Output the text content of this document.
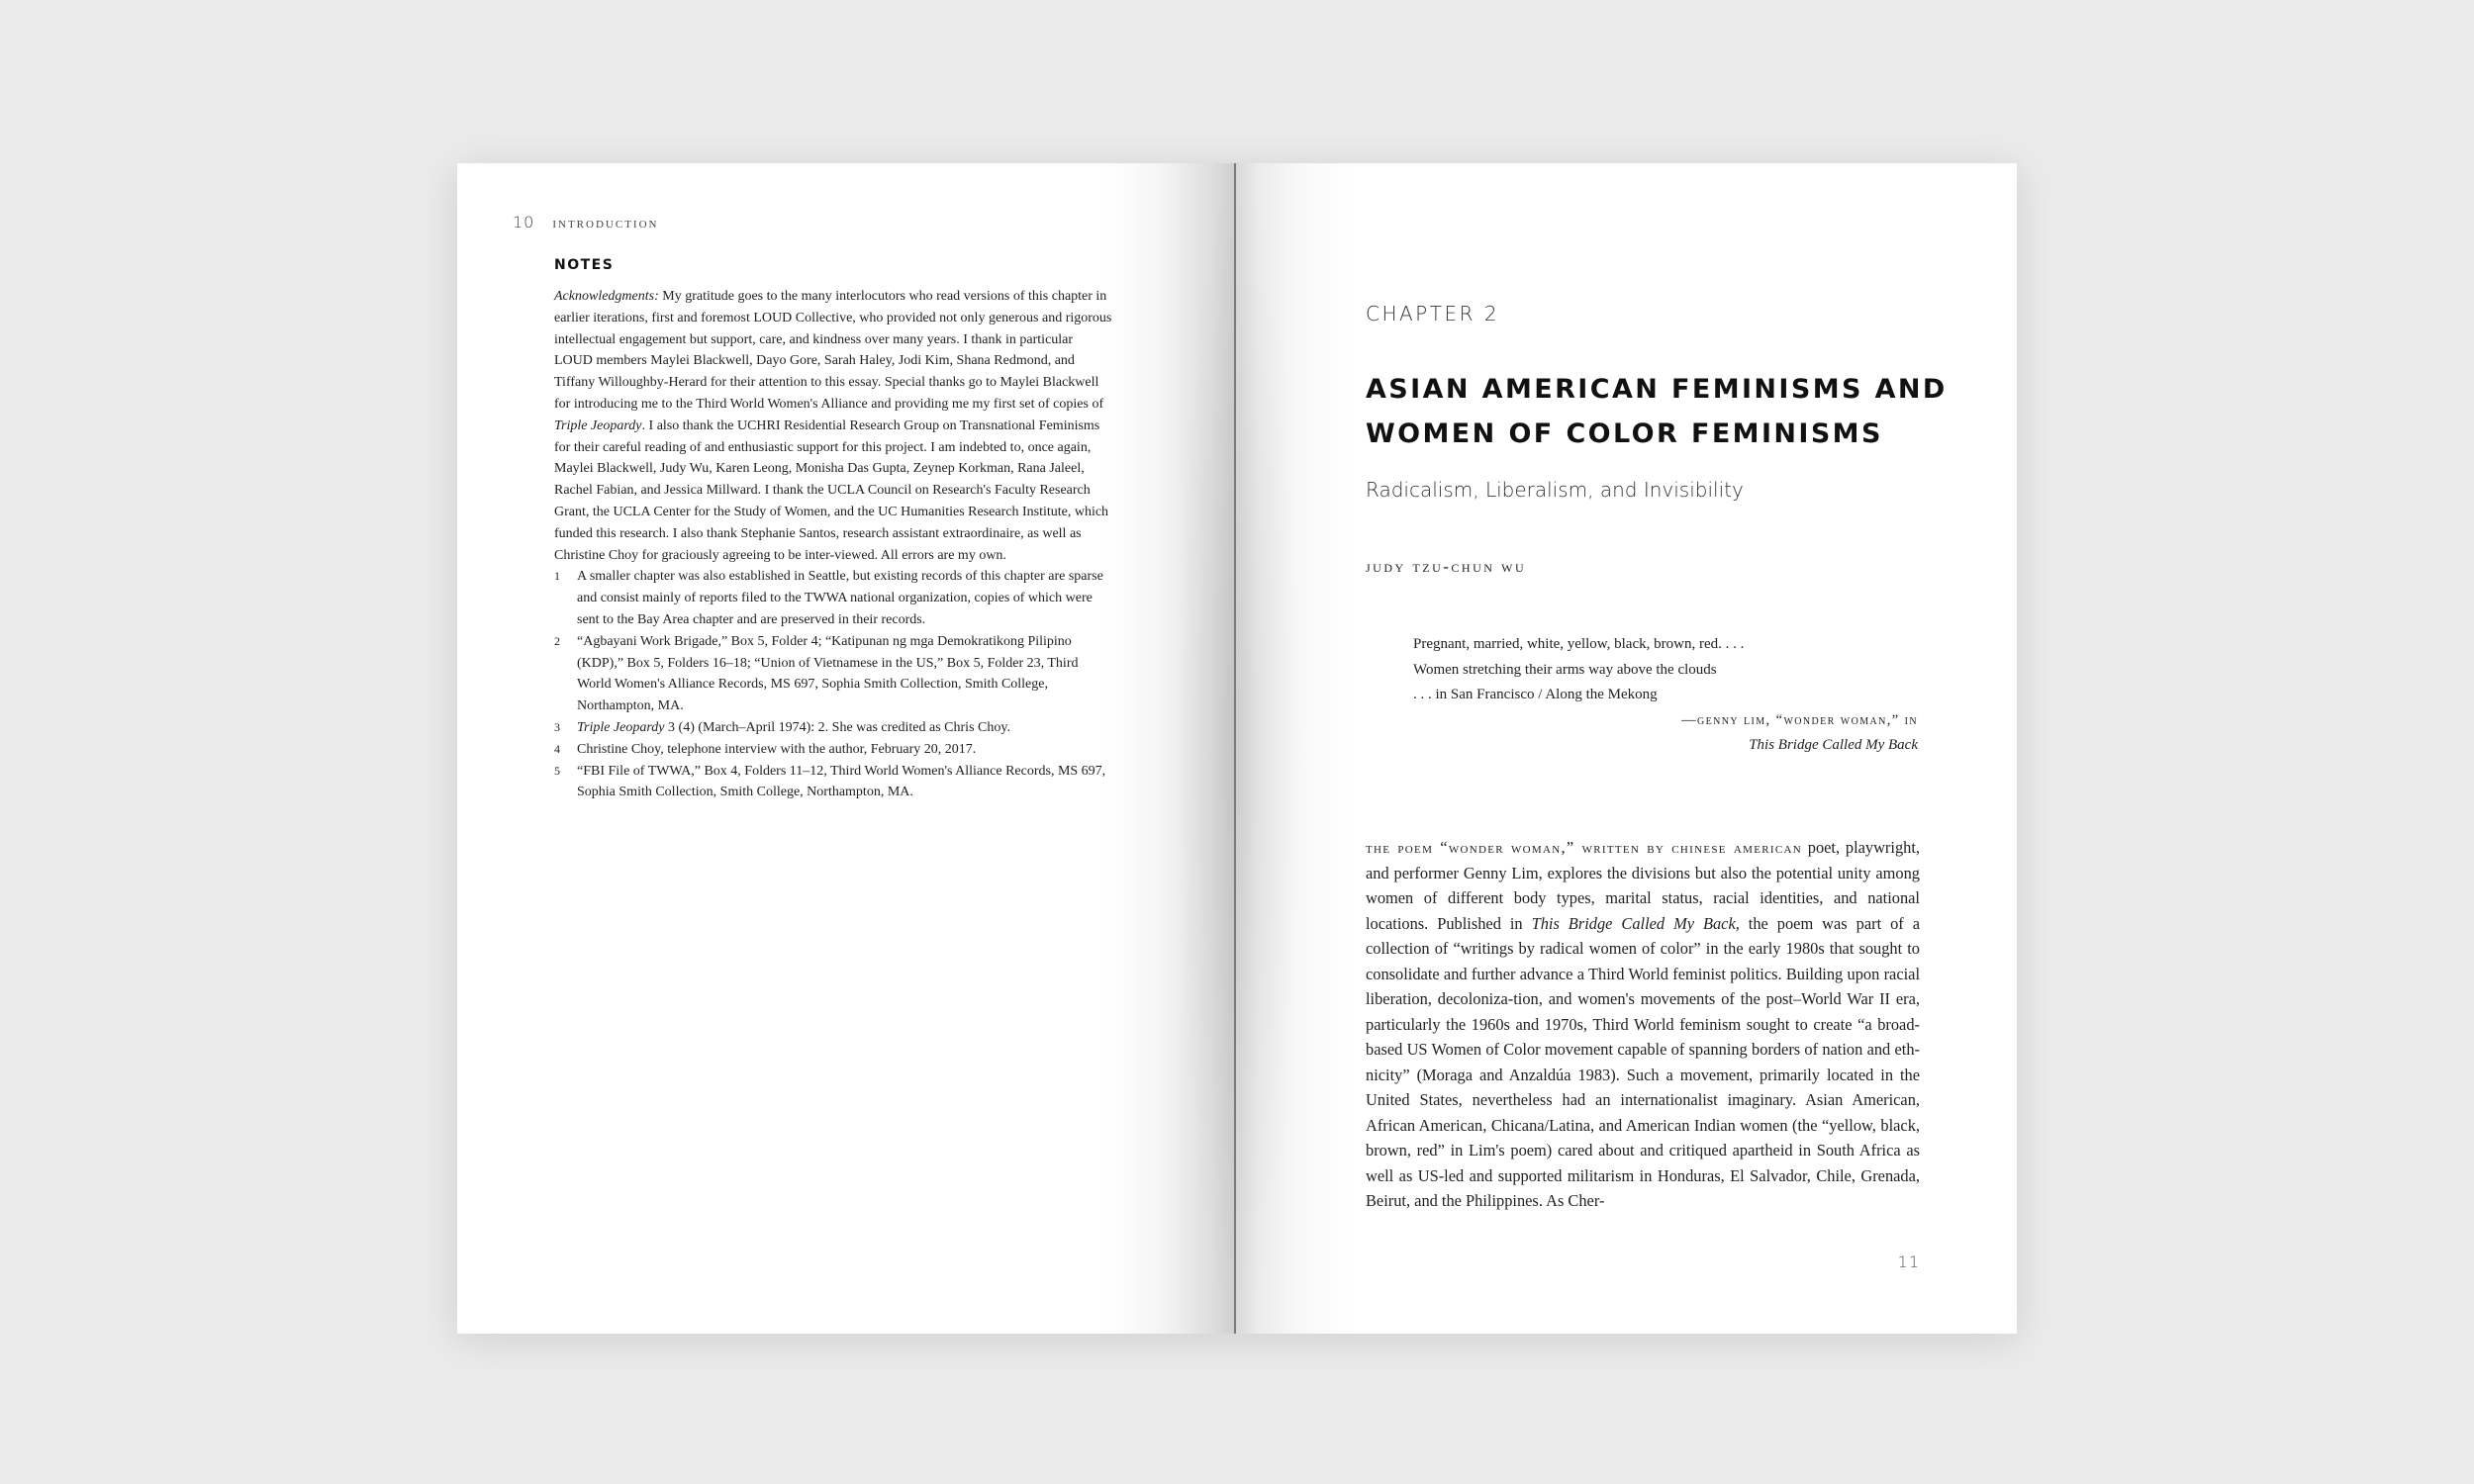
10 introduction
NOTES
Acknowledgments: My gratitude goes to the many interlocutors who read versions of this chapter in earlier iterations, first and foremost LOUD Collective, who provided not only generous and rigorous intellectual engagement but support, care, and kindness over many years. I thank in particular LOUD members Maylei Blackwell, Dayo Gore, Sarah Haley, Jodi Kim, Shana Redmond, and Tiffany Willoughby-Herard for their attention to this essay. Special thanks go to Maylei Blackwell for introducing me to the Third World Women's Alliance and providing me my first set of copies of Triple Jeopardy. I also thank the UCHRI Residential Research Group on Transnational Feminisms for their careful reading of and enthusiastic support for this project. I am indebted to, once again, Maylei Blackwell, Judy Wu, Karen Leong, Monisha Das Gupta, Zeynep Korkman, Rana Jaleel, Rachel Fabian, and Jessica Millward. I thank the UCLA Council on Research's Faculty Research Grant, the UCLA Center for the Study of Women, and the UC Humanities Research Institute, which funded this research. I also thank Stephanie Santos, research assistant extraordinaire, as well as Christine Choy for graciously agreeing to be inter-viewed. All errors are my own.
1 A smaller chapter was also established in Seattle, but existing records of this chapter are sparse and consist mainly of reports filed to the TWWA national organization, copies of which were sent to the Bay Area chapter and are preserved in their records.
2 “Agbayani Work Brigade,” Box 5, Folder 4; “Katipunan ng mga Demokratikong Pilipino (KDP),” Box 5, Folders 16–18; “Union of Vietnamese in the US,” Box 5, Folder 23, Third World Women's Alliance Records, MS 697, Sophia Smith Collection, Smith College, Northampton, MA.
3 Triple Jeopardy 3 (4) (March–April 1974): 2. She was credited as Chris Choy.
4 Christine Choy, telephone interview with the author, February 20, 2017.
5 “FBI File of TWWA,” Box 4, Folders 11–12, Third World Women's Alliance Records, MS 697, Sophia Smith Collection, Smith College, Northampton, MA.
CHAPTER 2
ASIAN AMERICAN FEMINISMS AND
WOMEN OF COLOR FEMINISMS
Radicalism, Liberalism, and Invisibility
judy tzu-chun wu
Pregnant, married, white, yellow, black, brown, red. . . .
Women stretching their arms way above the clouds
. . . in San Francisco / Along the Mekong
—genny lim, “wonder woman,” in
This Bridge Called My Back
the poem “wonder woman,” written by chinese american poet, playwright, and performer Genny Lim, explores the divisions but also the potential unity among women of different body types, marital status, racial identities, and national locations. Published in This Bridge Called My Back, the poem was part of a collection of “writings by radical women of color” in the early 1980s that sought to consolidate and further advance a Third World feminist politics. Building upon racial liberation, decoloniza-tion, and women's movements of the post–World War II era, particularly the 1960s and 1970s, Third World feminism sought to create “a broad-based US Women of Color movement capable of spanning borders of nation and eth-nicity” (Moraga and Anzaldúa 1983). Such a movement, primarily located in the United States, nevertheless had an internationalist imaginary. Asian American, African American, Chicana/Latina, and American Indian women (the “yellow, black, brown, red” in Lim's poem) cared about and critiqued apartheid in South Africa as well as US-led and supported militarism in Honduras, El Salvador, Chile, Grenada, Beirut, and the Philippines. As Cher-
11
